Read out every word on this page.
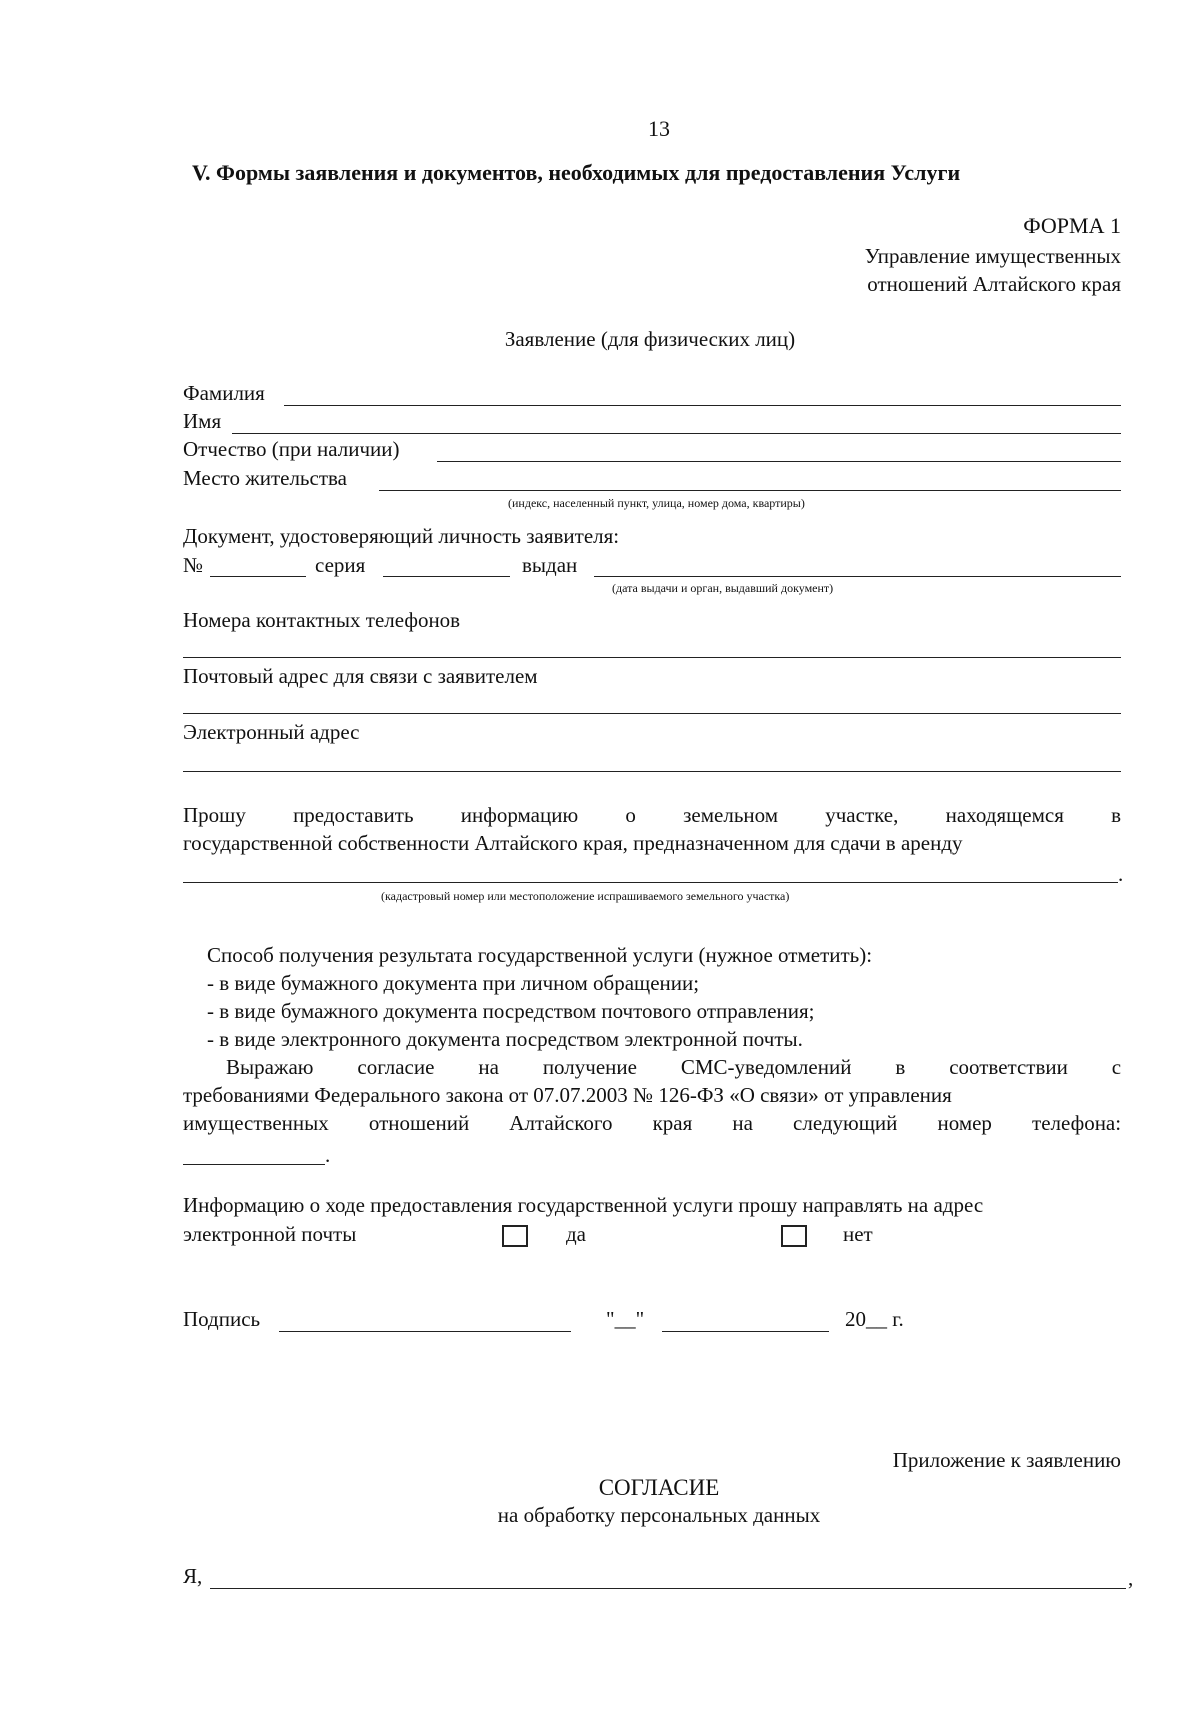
13
V. Формы заявления и документов, необходимых для предоставления Услуги
ФОРМА 1
Управление имущественных
отношений Алтайского края
Заявление (для физических лиц)
Фамилия
Имя
Отчество (при наличии)
Место жительства
(индекс, населенный пункт, улица, номер дома, квартиры)
Документ, удостоверяющий личность заявителя:
№	серия	выдан
(дата выдачи и орган, выдавший документ)
Номера контактных телефонов
Почтовый адрес для связи с заявителем
Электронный адрес
Прошу предоставить информацию о земельном участке, находящемся в
государственной собственности Алтайского края, предназначенном для сдачи в аренду
.
(кадастровый номер или местоположение испрашиваемого земельного участка)
Способ получения результата государственной услуги (нужное отметить):
- в виде бумажного документа при личном обращении;
- в виде бумажного документа посредством почтового отправления;
- в виде электронного документа посредством электронной почты.
Выражаю согласие на получение СМС-уведомлений в соответствии с
требованиями Федерального закона от 07.07.2003 № 126-ФЗ «О связи» от управления
имущественных отношений Алтайского края на следующий номер телефона:
.
Информацию о ходе предоставления государственной услуги прошу направлять на адрес
электронной почты	да	нет
Подпись	"__"	20__ г.
Приложение к заявлению
СОГЛАСИЕ
на обработку персональных данных
Я,	,
